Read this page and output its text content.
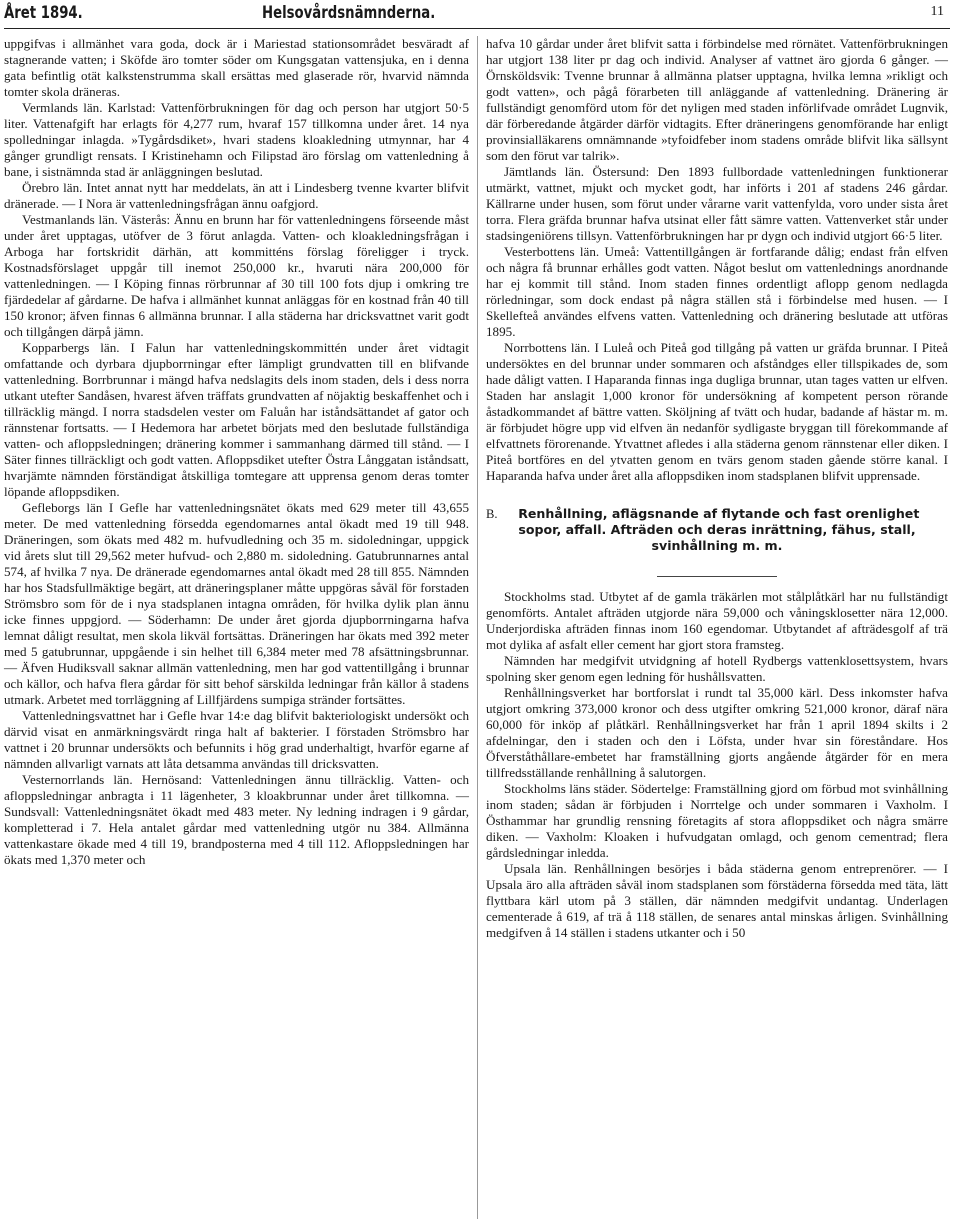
Året 1894.	Helsovårdsnämnderna.	11

uppgifvas i allmänhet vara goda, dock är i Mariestad stationsområdet besväradt af stagnerande vatten; i Sköfde äro tomter söder om Kungsgatan vattensjuka, en i denna gata befintlig otät kalkstenstrumma skall ersättas med glaserade rör, hvarvid nämnda tomter skola dräneras.

Vermlands län. Karlstad: Vattenförbrukningen för dag och person har utgjort 50·5 liter. Vattenafgift har erlagts för 4,277 rum, hvaraf 157 tillkomna under året. 14 nya spolledningar inlagda. »Tygårdsdiket», hvari stadens kloakledning utmynnar, har 4 gånger grundligt rensats. I Kristinehamn och Filipstad äro förslag om vattenledning å bane, i sistnämnda stad är anläggningen beslutad.

Örebro län. Intet annat nytt har meddelats, än att i Lindesberg tvenne kvarter blifvit dränerade. — I Nora är vattenledningsfrågan ännu oafgjord.

Vestmanlands län. Västerås: Ännu en brunn har för vattenledningens förseende måst under året upptagas, utöfver de 3 förut anlagda. Vatten- och kloakledningsfrågan i Arboga har fortskridit därhän, att kommitténs förslag föreligger i tryck. Kostnadsförslaget uppgår till inemot 250,000 kr., hvaruti nära 200,000 för vattenledningen. — I Köping finnas rörbrunnar af 30 till 100 fots djup i omkring tre fjärdedelar af gårdarne. De hafva i allmänhet kunnat anläggas för en kostnad från 40 till 150 kronor; äfven finnas 6 allmänna brunnar. I alla städerna har dricksvattnet varit godt och tillgången därpå jämn.

Kopparbergs län. I Falun har vattenledningskommittén under året vidtagit omfattande och dyrbara djupborrningar efter lämpligt grundvatten till en blifvande vattenledning. Borrbrunnar i mängd hafva nedslagits dels inom staden, dels i dess norra utkant utefter Sandåsen, hvarest äfven träffats grundvatten af nöjaktig beskaffenhet och i tillräcklig mängd. I norra stadsdelen vester om Faluån har iståndsättandet af gator och rännstenar fortsatts. — I Hedemora har arbetet börjats med den beslutade fullständiga vatten- och afloppsledningen; dränering kommer i sammanhang därmed till stånd. — I Säter finnes tillräckligt och godt vatten. Afloppsdiket utefter Östra Långgatan iståndsatt, hvarjämte nämnden förständigat åtskilliga tomtegare att upprensa genom deras tomter löpande afloppsdiken.

Gefleborgs län I Gefle har vattenledningsnätet ökats med 629 meter till 43,655 meter. De med vattenledning försedda egendomarnes antal ökadt med 19 till 948. Dräneringen, som ökats med 482 m. hufvudledning och 35 m. sidoledningar, uppgick vid årets slut till 29,562 meter hufvud- och 2,880 m. sidoledning. Gatubrunnarnes antal 574, af hvilka 7 nya. De dränerade egendomarnes antal ökadt med 28 till 855. Nämnden har hos Stadsfullmäktige begärt, att dräneringsplaner måtte uppgöras såväl för forstaden Strömsbro som för de i nya stadsplanen intagna områden, för hvilka dylik plan ännu icke finnes uppgjord. — Söderhamn: De under året gjorda djupborrningarna hafva lemnat dåligt resultat, men skola likväl fortsättas. Dräneringen har ökats med 392 meter med 5 gatubrunnar, uppgående i sin helhet till 6,384 meter med 78 afsättningsbrunnar. — Äfven Hudiksvall saknar allmän vattenledning, men har god vattentillgång i brunnar och källor, och hafva flera gårdar för sitt behof särskilda ledningar från källor å stadens utmark. Arbetet med torrläggning af Lillfjärdens sumpiga stränder fortsättes.

Vattenledningsvattnet har i Gefle hvar 14:e dag blifvit bakteriologiskt undersökt och därvid visat en anmärkningsvärdt ringa halt af bakterier. I förstaden Strömsbro har vattnet i 20 brunnar undersökts och befunnits i hög grad underhaltigt, hvarför egarne af nämnden allvarligt varnats att låta detsamma användas till dricksvatten.

Vesternorrlands län. Hernösand: Vattenledningen ännu tillräcklig. Vatten- och afloppsledningar anbragta i 11 lägenheter, 3 kloakbrunnar under året tillkomna. — Sundsvall: Vattenledningsnätet ökadt med 483 meter. Ny ledning indragen i 9 gårdar, kompletterad i 7. Hela antalet gårdar med vattenledning utgör nu 384. Allmänna vattenkastare ökade med 4 till 19, brandposterna med 4 till 112. Afloppsledningen har ökats med 1,370 meter och

hafva 10 gårdar under året blifvit satta i förbindelse med rörnätet. Vattenförbrukningen har utgjort 138 liter pr dag och individ. Analyser af vattnet äro gjorda 6 gånger. — Örnsköldsvik: Tvenne brunnar å allmänna platser upptagna, hvilka lemna »rikligt och godt vatten», och pågå förarbeten till anläggande af vattenledning. Dränering är fullständigt genomförd utom för det nyligen med staden införlifvade området Lugnvik, där förberedande åtgärder därför vidtagits. Efter dräneringens genomförande har enligt provinsialläkarens omnämnande »tyfoidfeber inom stadens område blifvit lika sällsynt som den förut var talrik».

Jämtlands län. Östersund: Den 1893 fullbordade vattenledningen funktionerar utmärkt, vattnet, mjukt och mycket godt, har införts i 201 af stadens 246 gårdar. Källrarne under husen, som förut under vårarne varit vattenfylda, voro under sista året torra. Flera gräfda brunnar hafva utsinat eller fått sämre vatten. Vattenverket står under stadsingeniörens tillsyn. Vattenförbrukningen har pr dygn och individ utgjort 66·5 liter.

Vesterbottens län. Umeå: Vattentillgången är fortfarande dålig; endast från elfven och några få brunnar erhålles godt vatten. Något beslut om vattenlednings anordnande har ej kommit till stånd. Inom staden finnes ordentligt aflopp genom nedlagda rörledningar, som dock endast på några ställen stå i förbindelse med husen. — I Skellefteå användes elfvens vatten. Vattenledning och dränering beslutade att utföras 1895.

Norrbottens län. I Luleå och Piteå god tillgång på vatten ur gräfda brunnar. I Piteå undersöktes en del brunnar under sommaren och afståndges eller tillspikades de, som hade dåligt vatten. I Haparanda finnas inga dugliga brunnar, utan tages vatten ur elfven. Staden har anslagit 1,000 kronor för undersökning af kompetent person rörande åstadkommandet af bättre vatten. Sköljning af tvätt och hudar, badande af hästar m. m. är förbjudet högre upp vid elfven än nedanför sydligaste bryggan till förekommande af elfvattnets förorenande. Ytvattnet afledes i alla städerna genom rännstenar eller diken. I Piteå bortföres en del ytvatten genom en tvärs genom staden gående större kanal. I Haparanda hafva under året alla afloppsdiken inom stadsplanen blifvit upprensade.

B. Renhållning, aflägsnande af flytande och fast orenlighet sopor, affall. Afträden och deras inrättning, fähus, stall, svinhållning m. m.

Stockholms stad. Utbytet af de gamla träkärlen mot stålplåtkärl har nu fullständigt genomförts. Antalet afträden utgjorde nära 59,000 och våningsklosetter nära 12,000. Underjordiska afträden finnas inom 160 egendomar. Utbytandet af afträdesgolf af trä mot dylika af asfalt eller cement har gjort stora framsteg.

Nämnden har medgifvit utvidgning af hotell Rydbergs vattenklosettsystem, hvars spolning sker genom egen ledning för hushållsvatten.

Renhållningsverket har bortforslat i rundt tal 35,000 kärl. Dess inkomster hafva utgjort omkring 373,000 kronor och dess utgifter omkring 521,000 kronor, däraf nära 60,000 för inköp af plåtkärl. Renhållningsverket har från 1 april 1894 skilts i 2 afdelningar, den i staden och den i Löfsta, under hvar sin föreståndare. Hos Öfverståthållare-embetet har framställning gjorts angående åtgärder för en mera tillfredsställande renhållning å salutorgen.

Stockholms läns städer. Södertelge: Framställning gjord om förbud mot svinhållning inom staden; sådan är förbjuden i Norrtelge och under sommaren i Vaxholm. I Östhammar har grundlig rensning företagits af stora afloppsdiket och några smärre diken. — Vaxholm: Kloaken i hufvudgatan omlagd, och genom cementrad; flera gårdsledningar inledda.

Upsala län. Renhållningen besörjes i båda städerna genom entreprenörer. — I Upsala äro alla afträden såväl inom stadsplanen som förstäderna försedda med täta, lätt flyttbara kärl utom på 3 ställen, där nämnden medgifvit undantag. Underlagen cementerade å 619, af trä å 118 ställen, de senares antal minskas årligen. Svinhållning medgifven å 14 ställen i stadens utkanter och i 50
